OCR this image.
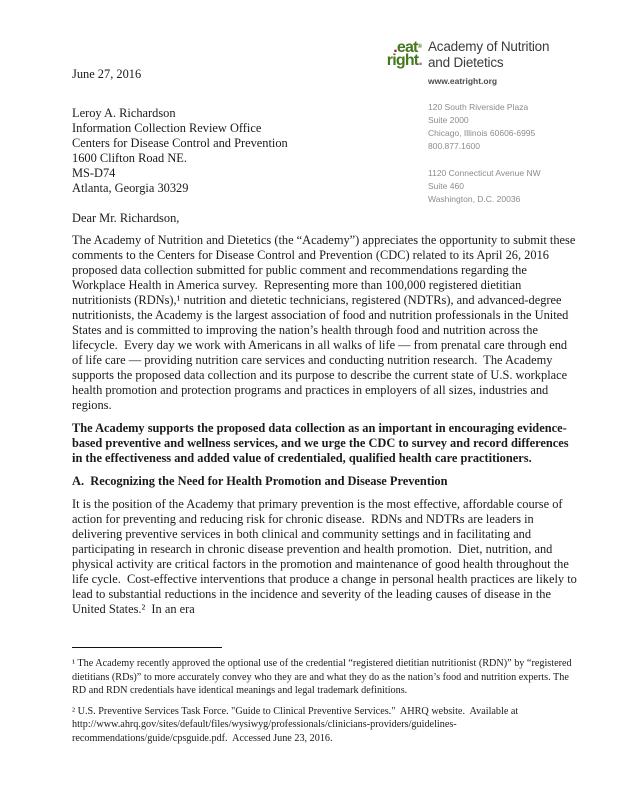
.eat®
right.
Academy of Nutrition
and Dietetics
www.eatright.org
120 South Riverside Plaza
Suite 2000
Chicago, Illinois 60606-6995
800.877.1600
1120 Connecticut Avenue NW
Suite 460
Washington, D.C. 20036
June 27, 2016
Leroy A. Richardson
Information Collection Review Office
Centers for Disease Control and Prevention
1600 Clifton Road NE.
MS-D74
Atlanta, Georgia 30329
Dear Mr. Richardson,

The Academy of Nutrition and Dietetics (the “Academy”) appreciates the opportunity to submit these comments to the Centers for Disease Control and Prevention (CDC) related to its April 26, 2016 proposed data collection submitted for public comment and recommendations regarding the Workplace Health in America survey.  Representing more than 100,000 registered dietitian nutritionists (RDNs),¹ nutrition and dietetic technicians, registered (NDTRs), and advanced-degree nutritionists, the Academy is the largest association of food and nutrition professionals in the United States and is committed to improving the nation’s health through food and nutrition across the lifecycle.  Every day we work with Americans in all walks of life — from prenatal care through end of life care — providing nutrition care services and conducting nutrition research.  The Academy supports the proposed data collection and its purpose to describe the current state of U.S. workplace health promotion and protection programs and practices in employers of all sizes, industries and regions.

The Academy supports the proposed data collection as an important in encouraging evidence-based preventive and wellness services, and we urge the CDC to survey and record differences in the effectiveness and added value of credentialed, qualified health care practitioners.

A.  Recognizing the Need for Health Promotion and Disease Prevention

It is the position of the Academy that primary prevention is the most effective, affordable course of action for preventing and reducing risk for chronic disease.  RDNs and NDTRs are leaders in delivering preventive services in both clinical and community settings and in facilitating and participating in research in chronic disease prevention and health promotion.  Diet, nutrition, and physical activity are critical factors in the promotion and maintenance of good health throughout the life cycle.  Cost-effective interventions that produce a change in personal health practices are likely to lead to substantial reductions in the incidence and severity of the leading causes of disease in the United States.²  In an era

¹ The Academy recently approved the optional use of the credential “registered dietitian nutritionist (RDN)” by “registered dietitians (RDs)” to more accurately convey who they are and what they do as the nation’s food and nutrition experts. The RD and RDN credentials have identical meanings and legal trademark definitions.

² U.S. Preventive Services Task Force. "Guide to Clinical Preventive Services."  AHRQ website.  Available at http://www.ahrq.gov/sites/default/files/wysiwyg/professionals/clinicians-providers/guidelines-recommendations/guide/cpsguide.pdf.  Accessed June 23, 2016.
